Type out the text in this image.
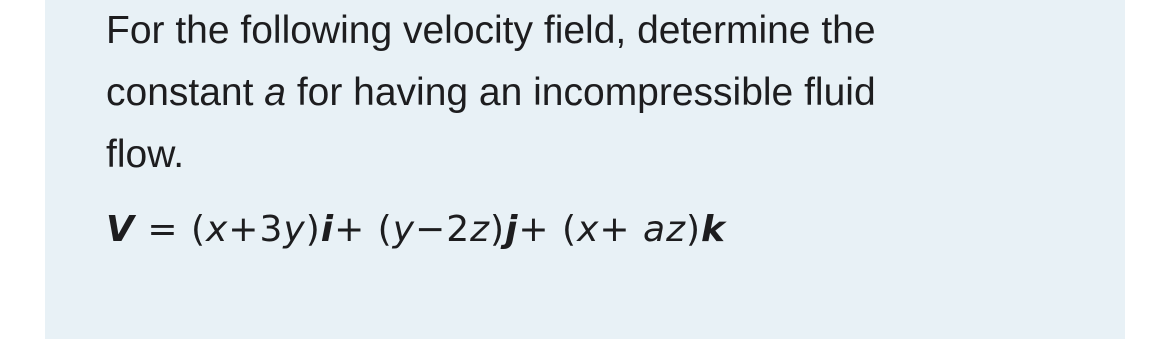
For the following velocity field, determine the
constant a for having an incompressible fluid
flow.
V = (x+3y)i+ (y−2z)j+ (x+ az)k
